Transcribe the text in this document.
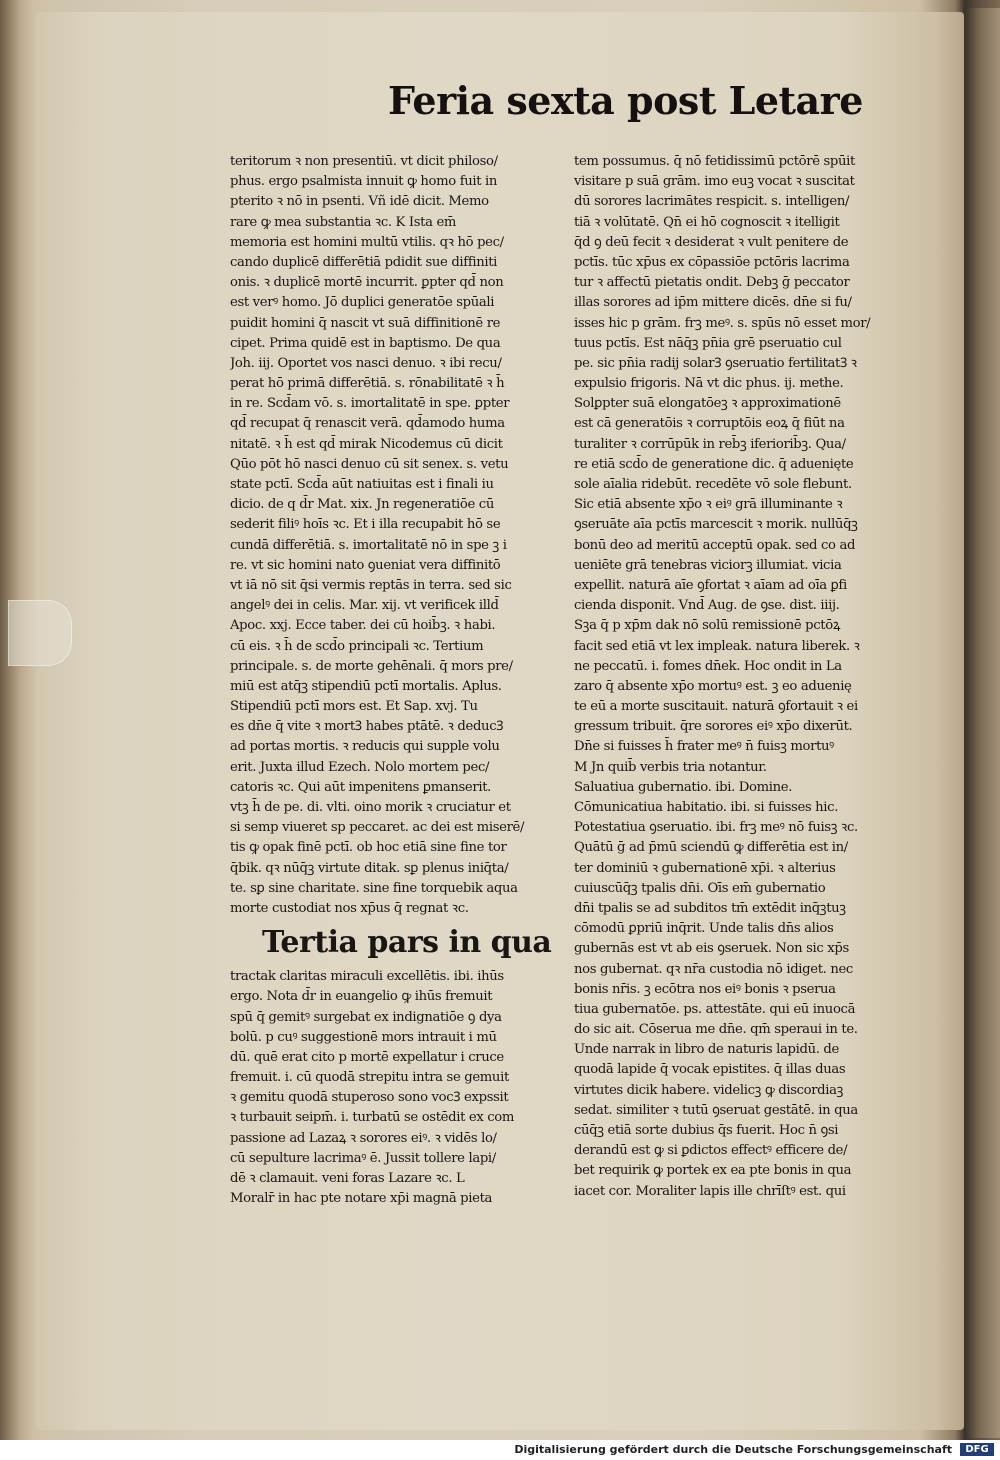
Feria sexta post Letare
teritorum ꝛ non presentiū. vt dicit philoso/
phus. ergo psalmista innuit ꝙ homo fuit in
pterito ꝛ nō in psenti. Vñ idē dicit. Memo
rare ꝙ mea substantia ꝛc. K Ista em̄
memoria est homini multū vtilis. qꝛ hō pec/
cando duplicē differētiā pdidit sue diffiniti
onis. ꝛ duplicē mortē incurrit. ꝑpter qd̄ non
est verꝰ homo. Jō duplici generatōe spūali
puidit homini q̄ nascit vt suā diffinitionē re
cipet. Prima quidē est in baptismo. De qua
Joh. iij. Oportet vos nasci denuo. ꝛ ibi recu/
perat hō primā differētiā. s. rōnabilitatē ꝛ h̄
in re. Scd̄am vō. s. imortalitatē in spe. ꝑpter
qd̄ recupat q̄ renascit verā. qd̄amodo huma
nitatē. ꝛ h̄ est qd̄ mirak Nicodemus cū dicit
Qūo pōt hō nasci denuo cū sit senex. s. vetu
state pctī. Scd̄a aūt natiuitas est i finali iu
dicio. de q d̄r Mat. xix. Jn regeneratiōe cū
sederit filiꝰ hoīs ꝛc. Et i illa recupabit hō se
cundā differētiā. s. imortalitatē nō in spe ꝫ i
re. vt sic homini nato ꝯueniat vera diffinitō
vt iā nō sit q̄si vermis reptās in terra. sed sic
angelꝰ dei in celis. Mar. xij. vt verificek illd̄
Apoc. xxj. Ecce taber. dei cū hoib̄ꝫ. ꝛ habi.
cū eis. ꝛ h̄ de scd̄o principali ꝛc. Tertium
principale. s. de morte gehēnali. q̄ mors pre/
miū est atq̄ꝫ stipendiū pctī mortalis. Aplus.
Stipendiū pctī mors est. Et Sap. xvj. Tu
es dn̄e q̄ vite ꝛ mortꝪ habes ptātē. ꝛ deducꝪ
ad portas mortis. ꝛ reducis qui supple volu
erit. Juxta illud Ezech. Nolo mortem pec/
catoris ꝛc. Qui aūt impenitens ꝑmanserit.
vtꝫ h̄ de pe. di. vlti. oino morik ꝛ cruciatur et
si semp viueret sp peccaret. ac dei est miserē/
tis ꝙ opak finē pctī. ob hoc etiā sine fine tor
q̄bik. qꝛ nūq̄ꝫ virtute ditak. sꝑ plenus iniq̄ta/
te. sꝑ sine charitate. sine fine torquebik aqua
morte custodiat nos xp̄us q̄ regnat ꝛc.
Tertia pars in qua
tractak claritas miraculi excellētis. ibi. ihūs
ergo. Nota d̄r in euangelio ꝙ ihūs fremuit
spū q̄ gemitꝰ surgebat ex indignatiōe ꝯ dya
bolū. p cuꝰ suggestionē mors intrauit i mū
dū. quē erat cito p mortē expellatur i cruce
fremuit. i. cū quodā strepitu intra se gemuit
ꝛ gemitu quodā stuperoso sono vocꝪ expssit
ꝛ turbauit seipm̄. i. turbatū se ostēdit ex com
passione ad Lazaꝝ ꝛ sorores eiꝰ. ꝛ vidēs lo/
cū sepulture lacrimaꝰ ē. Jussit tollere lapi/
dē ꝛ clamauit. veni foras Lazare ꝛc. L
Moralr̄ in hac pte notare xp̄i magnā pieta
tem possumus. q̄ nō fetidissimū pctōrē spūit
visitare p suā grām. imo euꝫ vocat ꝛ suscitat
dū sorores lacrimātes respicit. s. intelligen/
tiā ꝛ volūtatē. Qn̄ ei hō cognoscit ꝛ itelligit
q̄d ꝯ deū fecit ꝛ desiderat ꝛ vult penitere de
pctīs. tūc xp̄us ex cōpassiōe pctōris lacrima
tur ꝛ affectū pietatis ondit. Debꝫ ḡ peccator
illas sorores ad ip̄m mittere dicēs. dn̄e si fu/
isses hic p grām. frꝫ meꝰ. s. spūs nō esset mor/
tuus pctīs. Est nāq̄ꝫ pn̄ia grē pseruatio cul
pe. sic pn̄ia radij solarꝪ ꝯseruatio fertilitatꝪ ꝛ
expulsio frigoris. Nā vt dic phus. ij. methe.
Solꝑpter suā elongatōeꝫ ꝛ approximationē
est cā generatōis ꝛ corruptōis eoꝝ q̄ fiūt na
turaliter ꝛ corrūpūk in reb̄ꝫ iferiorib̄ꝫ. Qua/
re etiā scd̄o de generatione dic. q̄ aduenięte
sole aīalia ridebūt. recedēte vō sole flebunt.
Sic etiā absente xp̄o ꝛ eiꝰ grā illuminante ꝛ
ꝯseruāte aīa pctīs marcescit ꝛ morik. nullūq̄ꝫ
bonū deo ad meritū acceptū opak. sed co ad
ueniēte grā tenebras viciorꝫ illumiat. vicia
expellit. naturā aīe ꝯfortat ꝛ aīam ad oīa ꝑfi
cienda disponit. Vnd̄ Aug. de ꝯse. dist. iiij.
Sꝫa q̄ p xp̄m dak nō solū remissionē pctōꝝ
facit sed etiā vt lex impleak. natura liberek. ꝛ
ne peccatū. i. fomes dn̄ek. Hoc ondit in La
zaro q̄ absente xp̄o mortuꝰ est. ꝫ eo aduenię
te eū a morte suscitauit. naturā ꝯfortauit ꝛ ei
gressum tribuit. q̄re sorores eiꝰ xp̄o dixerūt.
Dn̄e si fuisses h̄ frater meꝰ n̄ fuisꝫ mortuꝰ
M Jn quib̄ verbis tria notantur.
Saluatiua gubernatio. ibi. Domine.
Cōmunicatiua habitatio. ibi. si fuisses hic.
Potestatiua ꝯseruatio. ibi. frꝫ meꝰ nō fuisꝫ ꝛc.
Quātū ḡ ad p̄mū sciendū ꝙ differētia est in/
ter dominiū ꝛ gubernationē xp̄i. ꝛ alterius
cuiuscūq̄ꝫ tpalis dn̄i. Oīs em̄ gubernatio
dn̄i tpalis se ad subditos tm̄ extēdit inq̄ꝫtuꝫ
cōmodū ꝑpriū inq̄rit. Unde talis dn̄s alios
gubernās est vt ab eis ꝯseruek. Non sic xp̄s
nos gubernat. qꝛ nr̄a custodia nō idiget. nec
bonis nr̄is. ꝫ ecōtra nos eiꝰ bonis ꝛ pserua
tiua gubernatōe. ps. attestāte. qui eū inuocā
do sic ait. Cōserua me dn̄e. qm̄ speraui in te.
Unde narrak in libro de naturis lapidū. de
quodā lapide q̄ vocak epistites. q̄ illas duas
virtutes dicik habere. videlicꝫ ꝙ discordiaꝫ
sedat. similiter ꝛ tutū ꝯseruat gestātē. in qua
cūq̄ꝫ etiā sorte dubius q̄s fuerit. Hoc n̄ ꝯsi
derandū est ꝙ si ꝑdictos effectꝰ efficere de/
bet requirik ꝙ portek ex ea pte bonis in qua
iacet cor. Moraliter lapis ille chrīſtꝰ est. qui
Digitalisierung gefördert durch die Deutsche Forschungsgemeinschaft	DFG
